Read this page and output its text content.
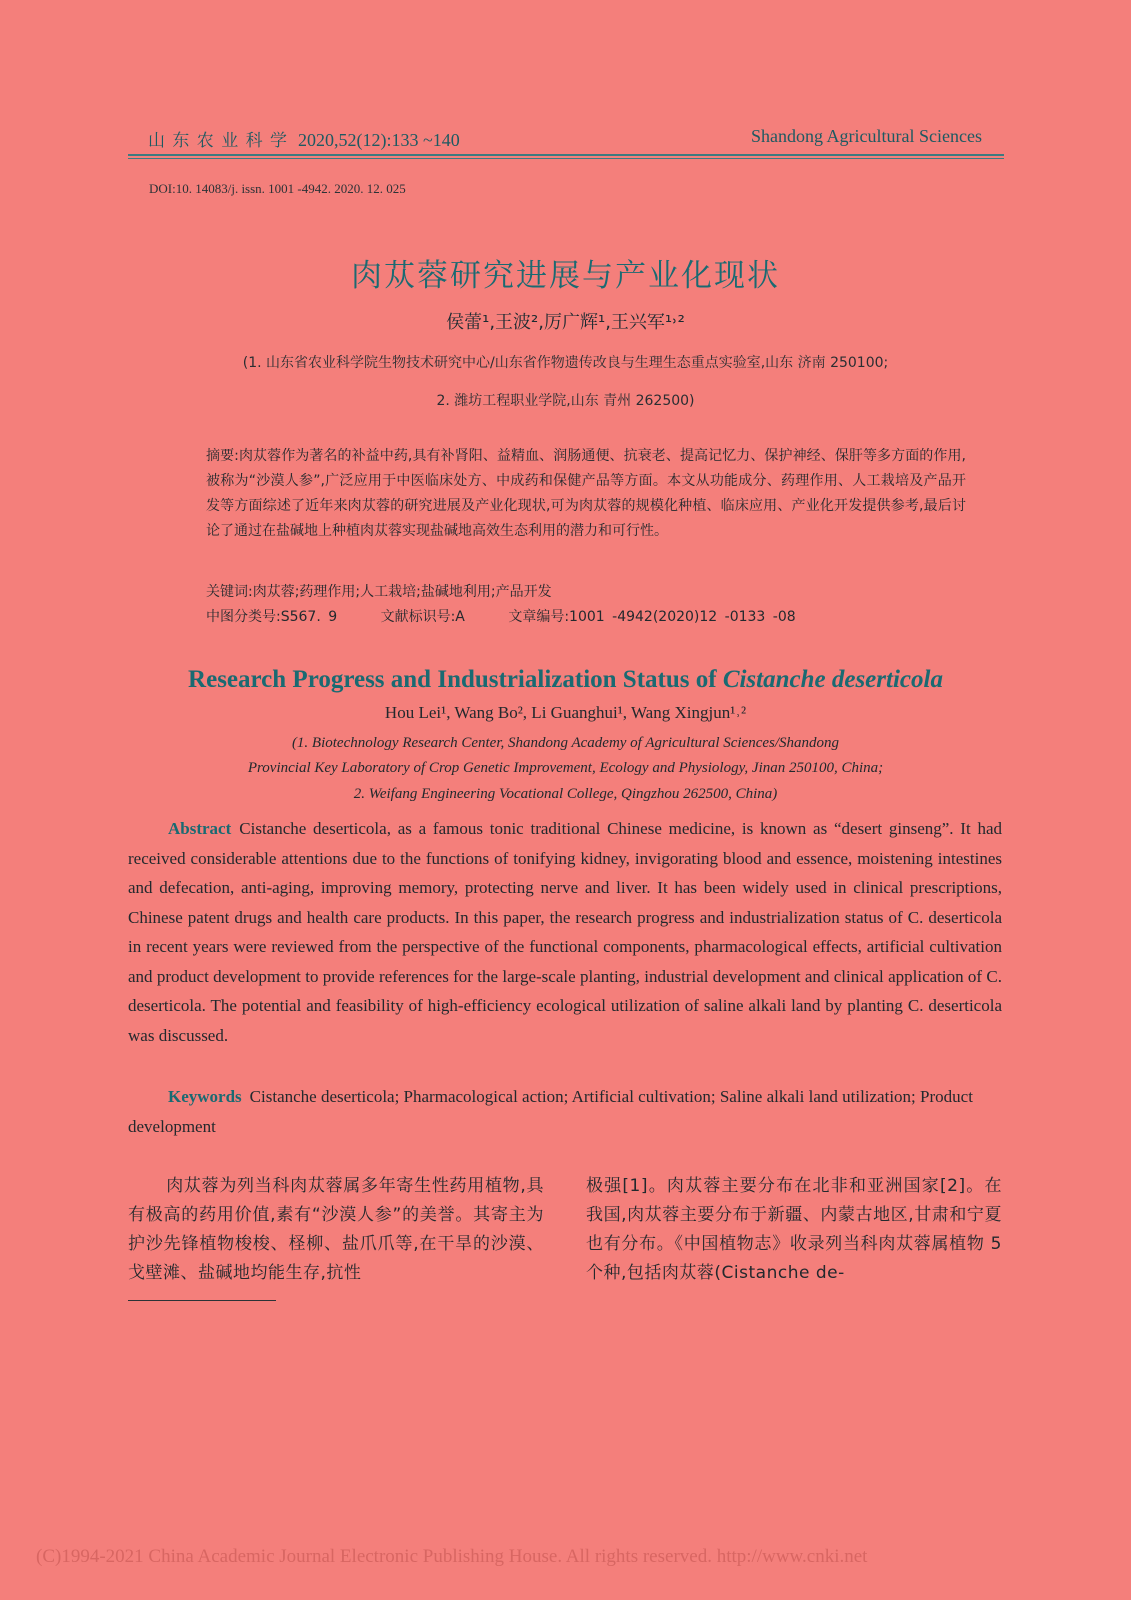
山 东 农 业 科 学 2020,52(12):133 ~140	Shandong Agricultural Sciences
DOI:10. 14083/j. issn. 1001 -4942. 2020. 12. 025
肉苁蓉研究进展与产业化现状
侯蕾¹,王波²,厉广辉¹,王兴军¹˒²
(1. 山东省农业科学院生物技术研究中心/山东省作物遗传改良与生理生态重点实验室,山东 济南 250100;
2. 潍坊工程职业学院,山东 青州 262500)
摘要:肉苁蓉作为著名的补益中药,具有补肾阳、益精血、润肠通便、抗衰老、提高记忆力、保护神经、保肝等多方面的作用,被称为“沙漠人参”,广泛应用于中医临床处方、中成药和保健产品等方面。本文从功能成分、药理作用、人工栽培及产品开发等方面综述了近年来肉苁蓉的研究进展及产业化现状,可为肉苁蓉的规模化种植、临床应用、产业化开发提供参考,最后讨论了通过在盐碱地上种植肉苁蓉实现盐碱地高效生态利用的潜力和可行性。
关键词:肉苁蓉;药理作用;人工栽培;盐碱地利用;产品开发
中图分类号:S567. 9	文献标识号:A	文章编号:1001 -4942(2020)12 -0133 -08
Research Progress and Industrialization Status of Cistanche deserticola
Hou Lei¹, Wang Bo², Li Guanghui¹, Wang Xingjun¹˒²
(1. Biotechnology Research Center, Shandong Academy of Agricultural Sciences/Shandong
Provincial Key Laboratory of Crop Genetic Improvement, Ecology and Physiology, Jinan 250100, China;
2. Weifang Engineering Vocational College, Qingzhou 262500, China)
Abstract Cistanche deserticola, as a famous tonic traditional Chinese medicine, is known as “desert ginseng”. It had received considerable attentions due to the functions of tonifying kidney, invigorating blood and essence, moistening intestines and defecation, anti-aging, improving memory, protecting nerve and liver. It has been widely used in clinical prescriptions, Chinese patent drugs and health care products. In this paper, the research progress and industrialization status of C. deserticola in recent years were reviewed from the perspective of the functional components, pharmacological effects, artificial cultivation and product development to provide references for the large-scale planting, industrial development and clinical application of C. deserticola. The potential and feasibility of high-efficiency ecological utilization of saline alkali land by planting C. deserticola was discussed.
Keywords Cistanche deserticola; Pharmacological action; Artificial cultivation; Saline alkali land utilization; Product development
肉苁蓉为列当科肉苁蓉属多年寄生性药用植物,具有极高的药用价值,素有“沙漠人参”的美誉。其寄主为护沙先锋植物梭梭、柽柳、盐爪爪等,在干旱的沙漠、戈壁滩、盐碱地均能生存,抗性
极强[1]。肉苁蓉主要分布在北非和亚洲国家[2]。在我国,肉苁蓉主要分布于新疆、内蒙古地区,甘肃和宁夏也有分布。《中国植物志》收录列当科肉苁蓉属植物 5 个种,包括肉苁蓉(Cistanche de-
(C)1994-2021 China Academic Journal Electronic Publishing House. All rights reserved. http://www.cnki.net
